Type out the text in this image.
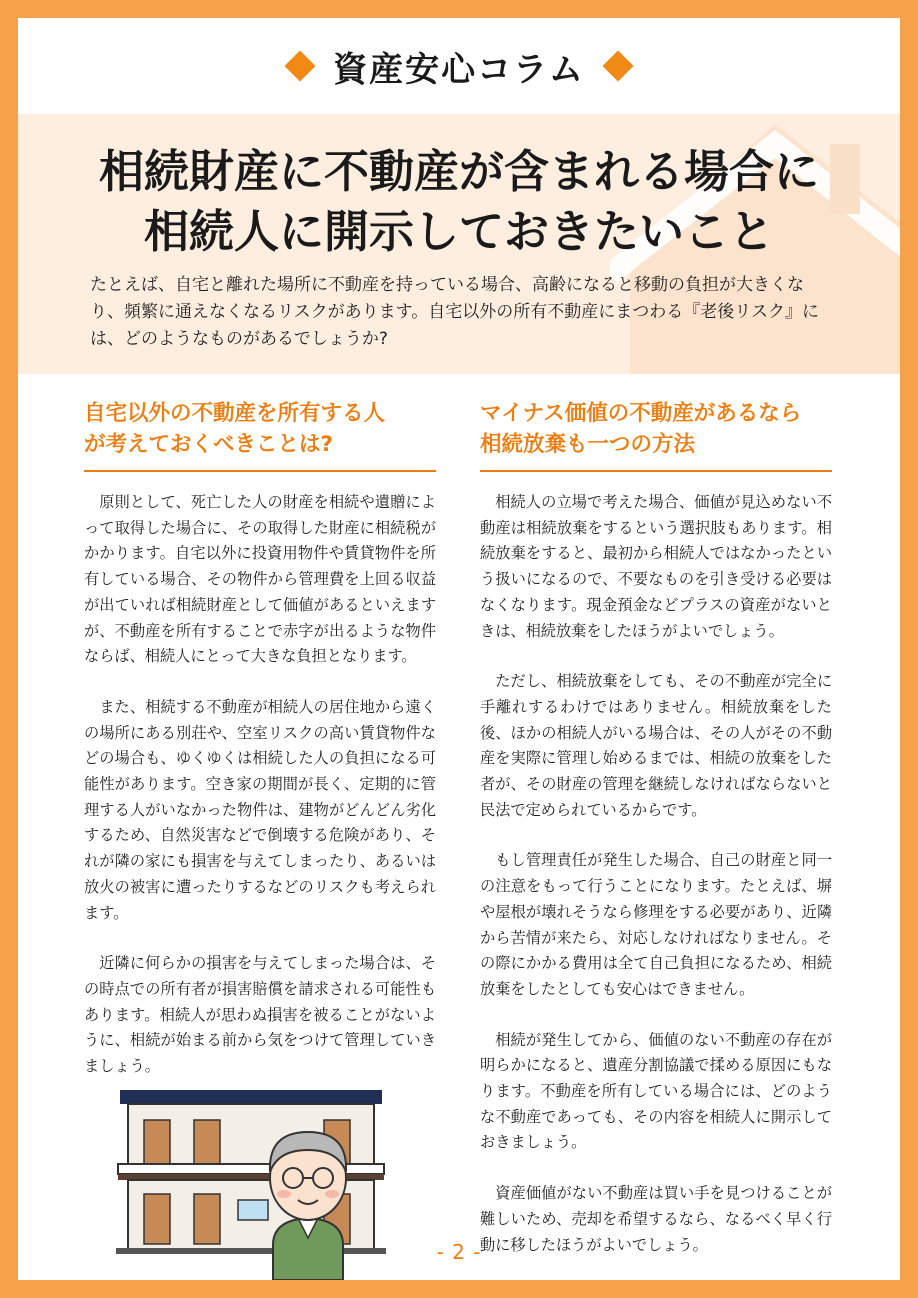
資産安心コラム
相続財産に不動産が含まれる場合に
相続人に開示しておきたいこと
たとえば、自宅と離れた場所に不動産を持っている場合、高齢になると移動の負担が大きくなり、頻繁に通えなくなるリスクがあります。自宅以外の所有不動産にまつわる『老後リスク』には、どのようなものがあるでしょうか?
自宅以外の不動産を所有する人
が考えておくべきことは?

原則として、死亡した人の財産を相続や遺贈によって取得した場合に、その取得した財産に相続税がかかります。自宅以外に投資用物件や賃貸物件を所有している場合、その物件から管理費を上回る収益が出ていれば相続財産として価値があるといえますが、不動産を所有することで赤字が出るような物件ならば、相続人にとって大きな負担となります。

また、相続する不動産が相続人の居住地から遠くの場所にある別荘や、空室リスクの高い賃貸物件などの場合も、ゆくゆくは相続した人の負担になる可能性があります。空き家の期間が長く、定期的に管理する人がいなかった物件は、建物がどんどん劣化するため、自然災害などで倒壊する危険があり、それが隣の家にも損害を与えてしまったり、あるいは放火の被害に遭ったりするなどのリスクも考えられます。

近隣に何らかの損害を与えてしまった場合は、その時点での所有者が損害賠償を請求される可能性もあります。相続人が思わぬ損害を被ることがないように、相続が始まる前から気をつけて管理していきましょう。

マイナス価値の不動産があるなら
相続放棄も一つの方法

相続人の立場で考えた場合、価値が見込めない不動産は相続放棄をするという選択肢もあります。相続放棄をすると、最初から相続人ではなかったという扱いになるので、不要なものを引き受ける必要はなくなります。現金預金などプラスの資産がないときは、相続放棄をしたほうがよいでしょう。

ただし、相続放棄をしても、その不動産が完全に手離れするわけではありません。相続放棄をした後、ほかの相続人がいる場合は、その人がその不動産を実際に管理し始めるまでは、相続の放棄をした者が、その財産の管理を継続しなければならないと民法で定められているからです。

もし管理責任が発生した場合、自己の財産と同一の注意をもって行うことになります。たとえば、塀や屋根が壊れそうなら修理をする必要があり、近隣から苦情が来たら、対応しなければなりません。その際にかかる費用は全て自己負担になるため、相続放棄をしたとしても安心はできません。

相続が発生してから、価値のない不動産の存在が明らかになると、遺産分割協議で揉める原因にもなります。不動産を所有している場合には、どのような不動産であっても、その内容を相続人に開示しておきましょう。

資産価値がない不動産は買い手を見つけることが難しいため、売却を希望するなら、なるべく早く行動に移したほうがよいでしょう。

- 2 -
